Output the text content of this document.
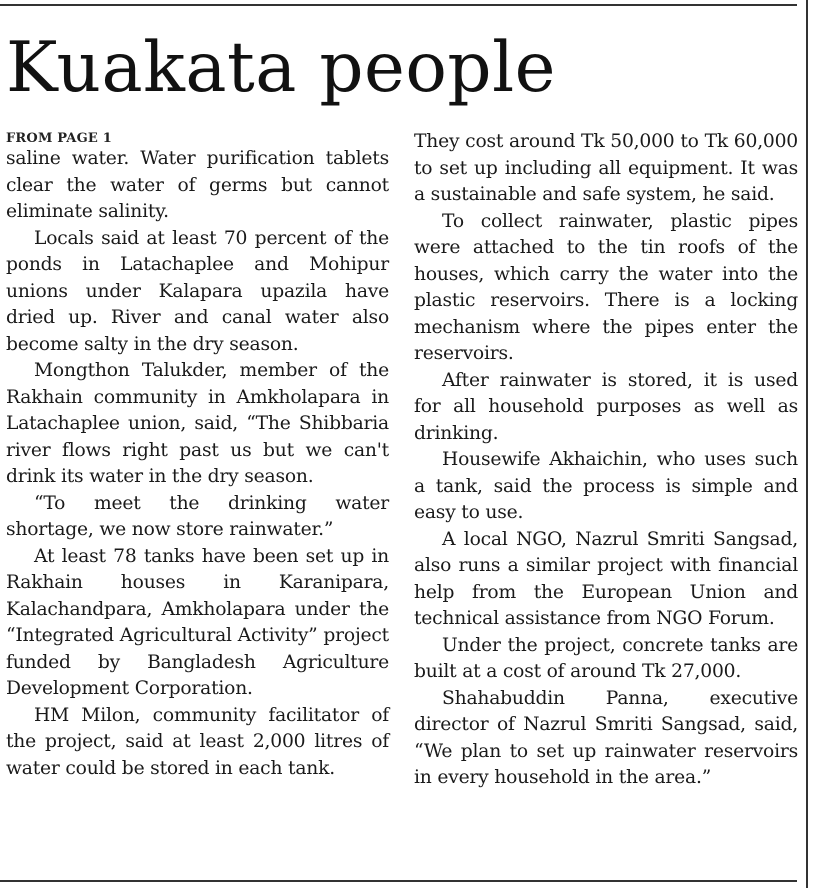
Kuakata people
FROM PAGE 1

saline water. Water purification tablets clear the water of germs but cannot eliminate salinity.

Locals said at least 70 percent of the ponds in Latachaplee and Mohipur unions under Kalapara upazila have dried up. River and canal water also become salty in the dry season.

Mongthon Talukder, member of the Rakhain community in Amkholapara in Latachaplee union, said, “The Shibbaria river flows right past us but we can't drink its water in the dry season.

“To meet the drinking water shortage, we now store rainwater.”

At least 78 tanks have been set up in Rakhain houses in Karanipara, Kalachandpara, Amkholapara under the “Integrated Agricultural Activity” project funded by Bangladesh Agriculture Development Corporation.

HM Milon, community facilitator of the project, said at least 2,000 litres of water could be stored in each tank.

They cost around Tk 50,000 to Tk 60,000 to set up including all equipment. It was a sustainable and safe system, he said.

To collect rainwater, plastic pipes were attached to the tin roofs of the houses, which carry the water into the plastic reservoirs. There is a locking mechanism where the pipes enter the reservoirs.

After rainwater is stored, it is used for all household purposes as well as drinking.

Housewife Akhaichin, who uses such a tank, said the process is simple and easy to use.

A local NGO, Nazrul Smriti Sangsad, also runs a similar project with financial help from the European Union and technical assistance from NGO Forum.

Under the project, concrete tanks are built at a cost of around Tk 27,000.

Shahabuddin Panna, executive director of Nazrul Smriti Sangsad, said, “We plan to set up rainwater reservoirs in every household in the area.”
